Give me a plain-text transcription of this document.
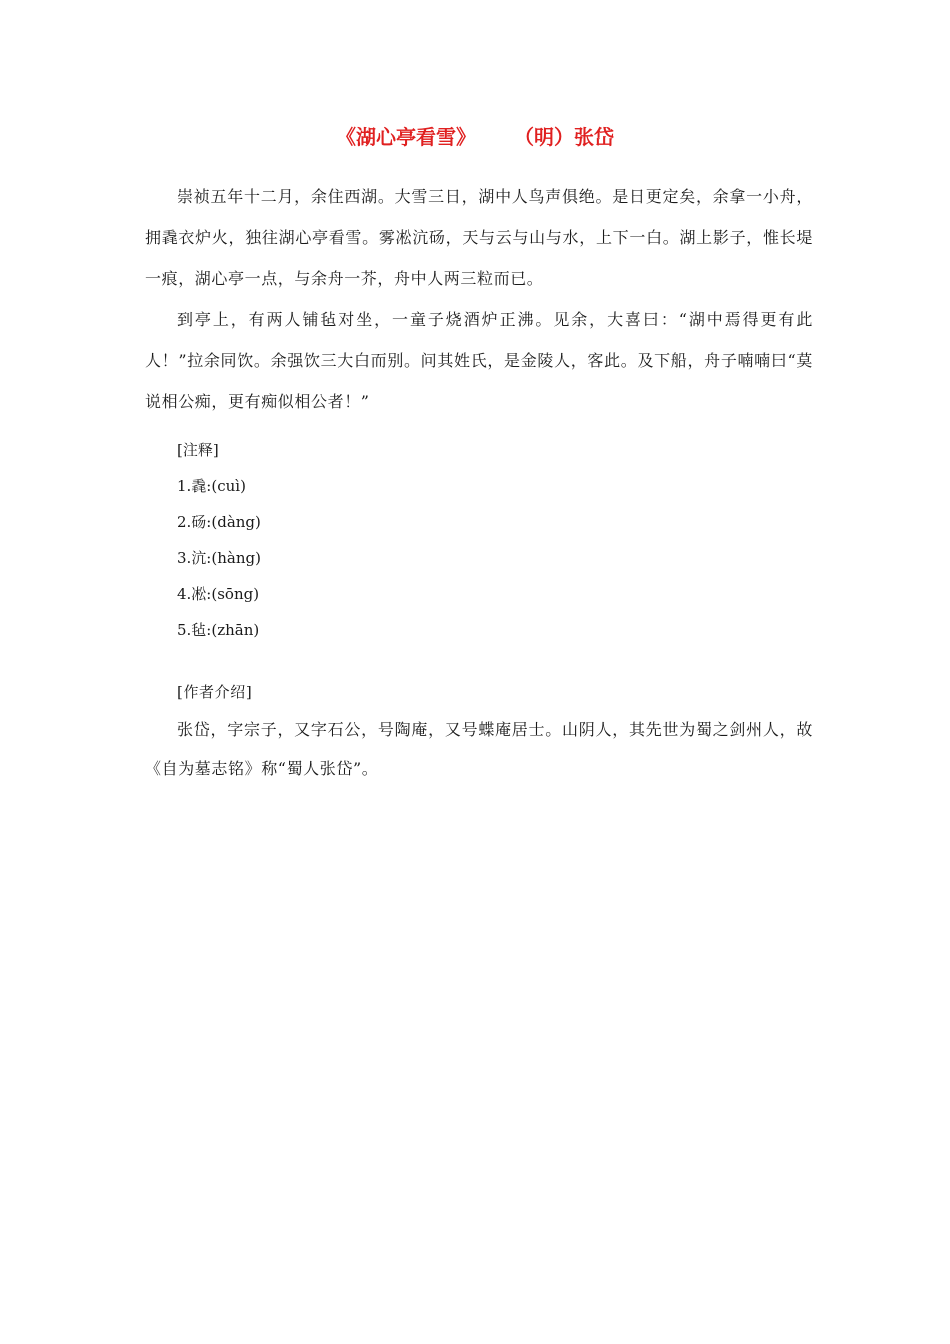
《湖心亭看雪》 （明）张岱

崇祯五年十二月，余住西湖。大雪三日，湖中人鸟声俱绝。是日更定矣，余拿一小舟，拥毳衣炉火，独往湖心亭看雪。雾凇沆砀，天与云与山与水，上下一白。湖上影子，惟长堤一痕，湖心亭一点，与余舟一芥，舟中人两三粒而已。

到亭上，有两人铺毡对坐，一童子烧酒炉正沸。见余，大喜曰：“湖中焉得更有此人！”拉余同饮。余强饮三大白而别。问其姓氏，是金陵人，客此。及下船，舟子喃喃曰“莫说相公痴，更有痴似相公者！”

[注释]

1.毳:(cuì)

2.砀:(dàng)

3.沆:(hàng)

4.凇:(sōng)

5.毡:(zhān)

[作者介绍]

张岱，字宗子，又字石公，号陶庵，又号蝶庵居士。山阴人，其先世为蜀之剑州人，故《自为墓志铭》称“蜀人张岱”。
